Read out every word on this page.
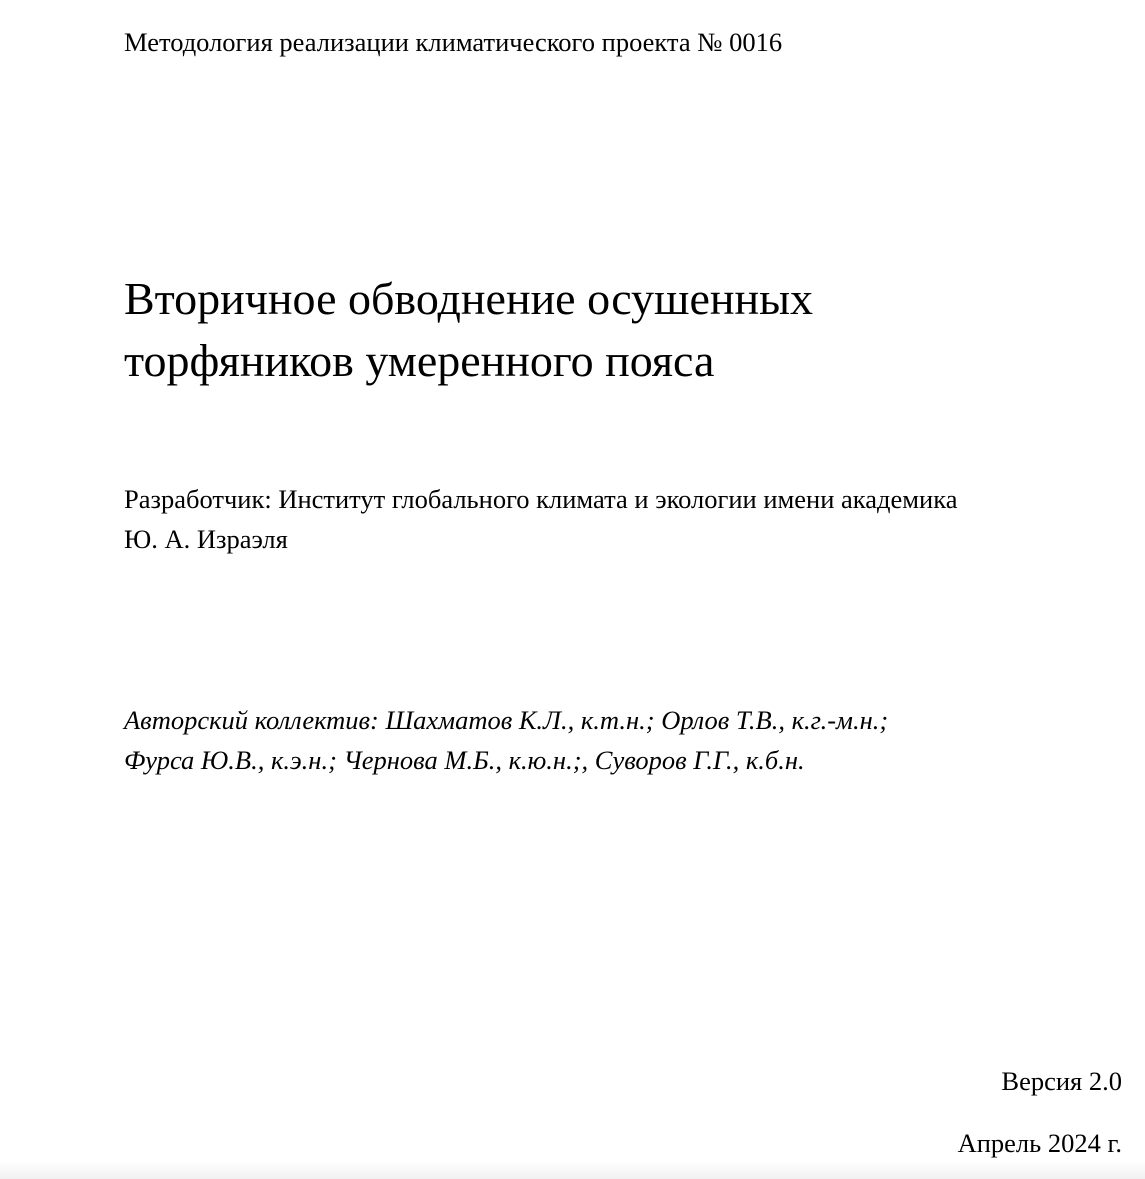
Методология реализации климатического проекта № 0016
Вторичное обводнение осушенных
торфяников умеренного пояса
Разработчик: Институт глобального климата и экологии имени академика
Ю. А. Израэля
Авторский коллектив: Шахматов К.Л., к.т.н.; Орлов Т.В., к.г.-м.н.;
Фурса Ю.В., к.э.н.; Чернова М.Б., к.ю.н.;, Суворов Г.Г., к.б.н.
Версия 2.0
Апрель 2024 г.
